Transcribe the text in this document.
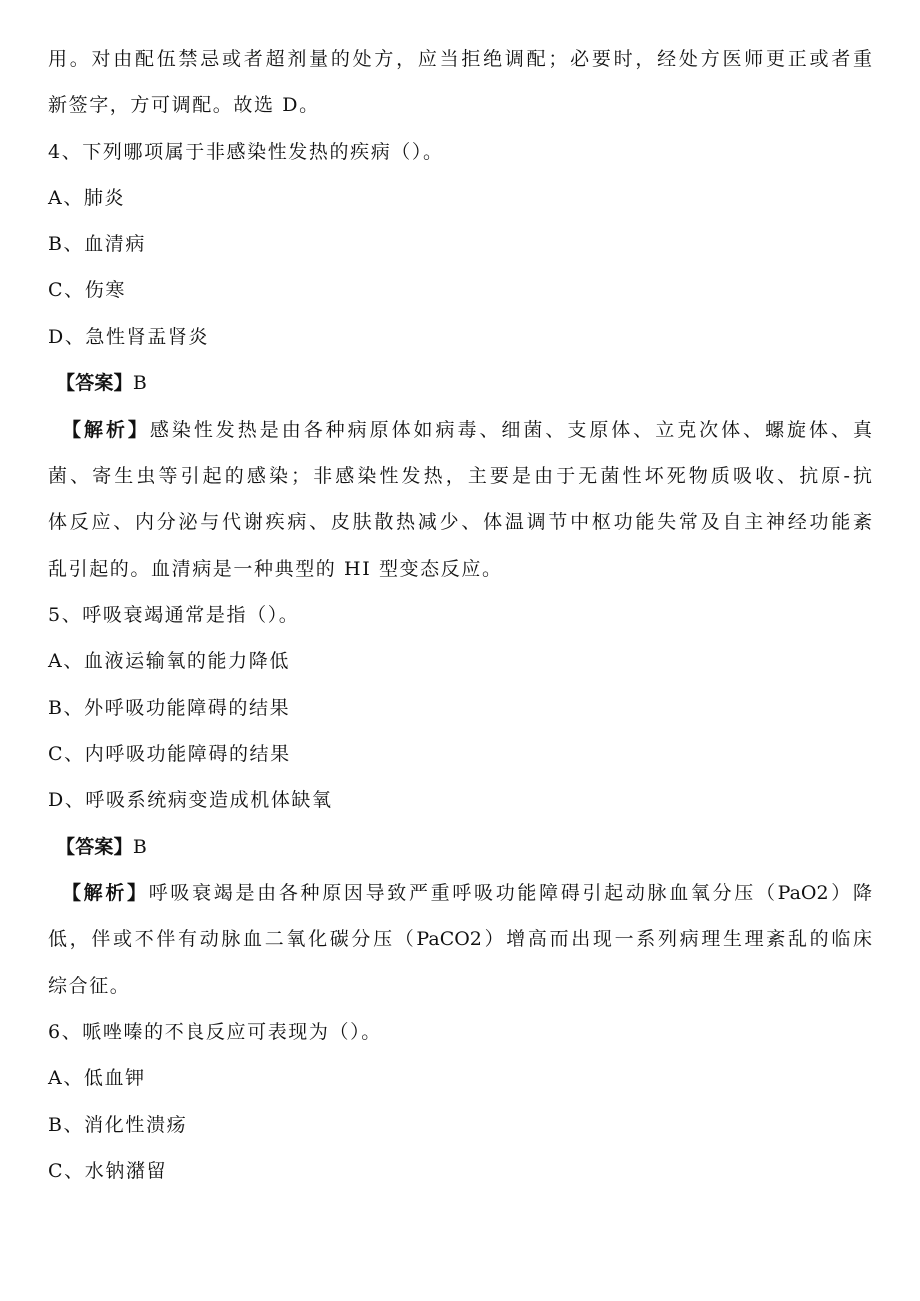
用。对由配伍禁忌或者超剂量的处方，应当拒绝调配；必要时，经处方医师更正或者重
新签字，方可调配。故选 D。
4、下列哪项属于非感染性发热的疾病（）。
A、肺炎
B、血清病
C、伤寒
D、急性肾盂肾炎
【答案】B
【解析】感染性发热是由各种病原体如病毒、细菌、支原体、立克次体、螺旋体、真
菌、寄生虫等引起的感染；非感染性发热，主要是由于无菌性坏死物质吸收、抗原-抗
体反应、内分泌与代谢疾病、皮肤散热减少、体温调节中枢功能失常及自主神经功能紊
乱引起的。血清病是一种典型的 HI 型变态反应。
5、呼吸衰竭通常是指（）。
A、血液运输氧的能力降低
B、外呼吸功能障碍的结果
C、内呼吸功能障碍的结果
D、呼吸系统病变造成机体缺氧
【答案】B
【解析】呼吸衰竭是由各种原因导致严重呼吸功能障碍引起动脉血氧分压（PaO2）降
低，伴或不伴有动脉血二氧化碳分压（PaCO2）增高而出现一系列病理生理紊乱的临床
综合征。
6、哌唑嗪的不良反应可表现为（）。
A、低血钾
B、消化性溃疡
C、水钠潴留
